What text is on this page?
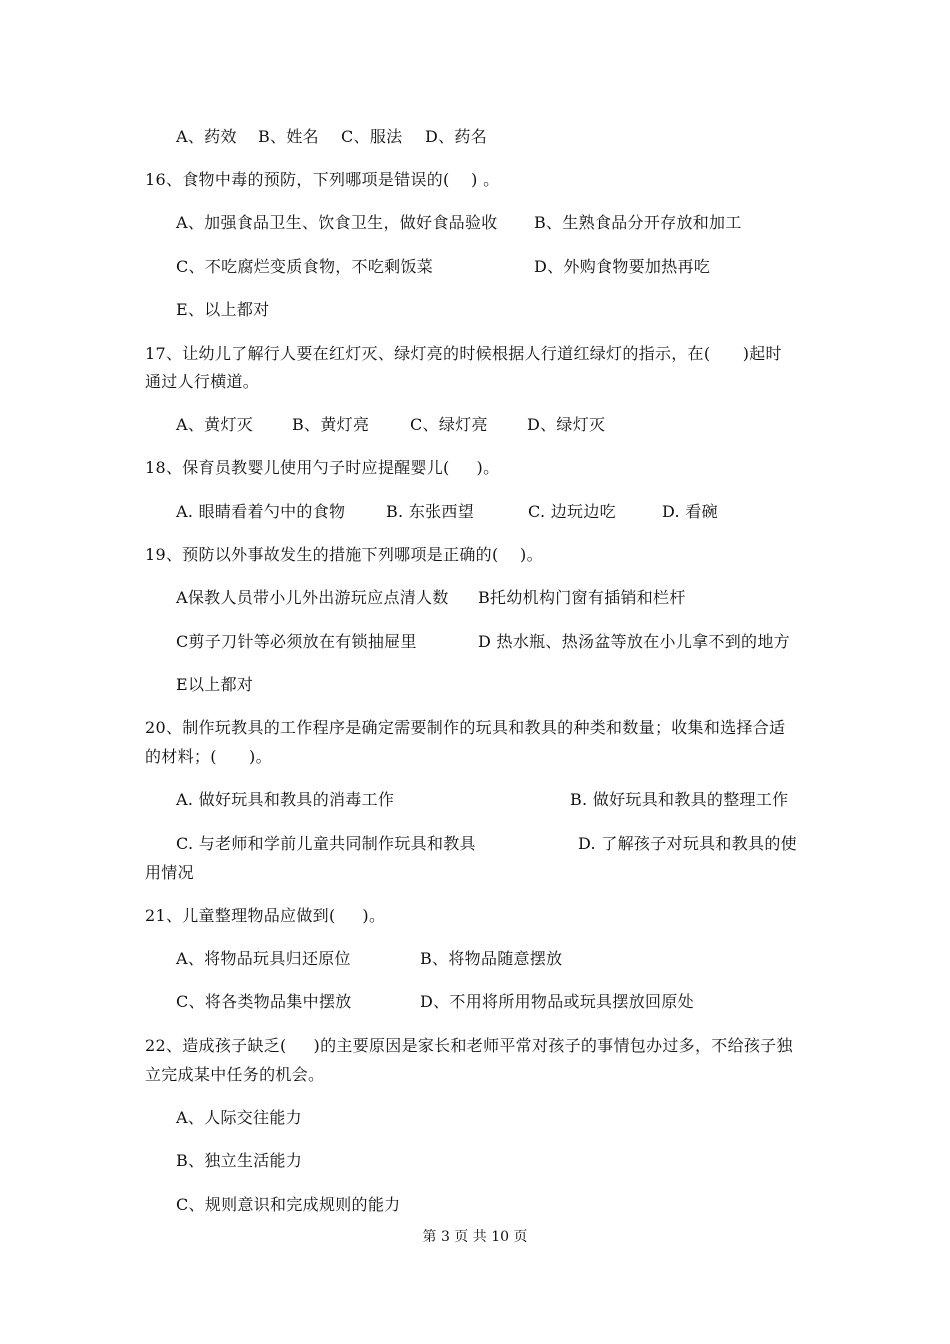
A、药效 B、姓名 C、服法 D、药名
16、食物中毒的预防，下列哪项是错误的(    ) 。
A、加强食品卫生、饮食卫生，做好食品验收 B、生熟食品分开存放和加工
C、不吃腐烂变质食物，不吃剩饭菜	D、外购食物要加热再吃
E、以上都对
17、让幼儿了解行人要在红灯灭、绿灯亮的时候根据人行道红绿灯的指示，在(      )起时
通过人行横道。
A、黄灯灭 B、黄灯亮	C、绿灯亮 D、绿灯灭
18、保育员教婴儿使用勺子时应提醒婴儿(     )。
A. 眼睛看着勺中的食物	B. 东张西望	C. 边玩边吃	D. 看碗
19、预防以外事故发生的措施下列哪项是正确的(    )。
A保教人员带小儿外出游玩应点清人数 B托幼机构门窗有插销和栏杆
C剪子刀针等必须放在有锁抽屉里	D 热水瓶、热汤盆等放在小儿拿不到的地方
E以上都对
20、制作玩教具的工作程序是确定需要制作的玩具和教具的种类和数量；收集和选择合适
的材料；(      )。
A. 做好玩具和教具的消毒工作	B. 做好玩具和教具的整理工作
C. 与老师和学前儿童共同制作玩具和教具	D. 了解孩子对玩具和教具的使
用情况
21、儿童整理物品应做到(     )。
A、将物品玩具归还原位	B、将物品随意摆放
C、将各类物品集中摆放	D、不用将所用物品或玩具摆放回原处
22、造成孩子缺乏(     )的主要原因是家长和老师平常对孩子的事情包办过多，不给孩子独
立完成某中任务的机会。
A、人际交往能力
B、独立生活能力
C、规则意识和完成规则的能力
第 3 页 共 10 页
